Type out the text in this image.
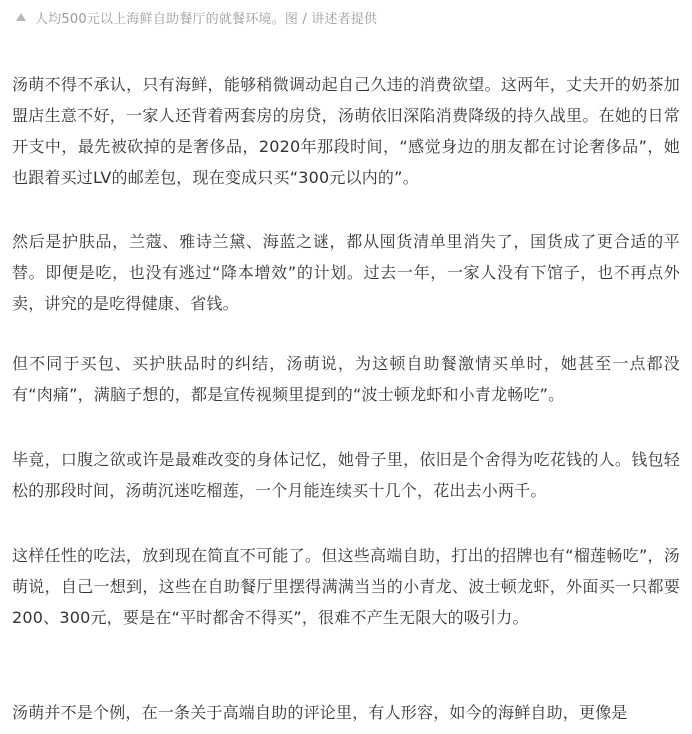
人均500元以上海鲜自助餐厅的就餐环境。图 / 讲述者提供

汤萌不得不承认，只有海鲜，能够稍微调动起自己久违的消费欲望。这两年，丈夫开的奶茶加盟店生意不好，一家人还背着两套房的房贷，汤萌依旧深陷消费降级的持久战里。在她的日常开支中，最先被砍掉的是奢侈品，2020年那段时间，“感觉身边的朋友都在讨论奢侈品”，她也跟着买过LV的邮差包，现在变成只买“300元以内的”。

然后是护肤品，兰蔻、雅诗兰黛、海蓝之谜，都从囤货清单里消失了，国货成了更合适的平替。即便是吃，也没有逃过“降本增效”的计划。过去一年，一家人没有下馆子，也不再点外卖，讲究的是吃得健康、省钱。

但不同于买包、买护肤品时的纠结，汤萌说，为这顿自助餐激情买单时，她甚至一点都没有“肉痛”，满脑子想的，都是宣传视频里提到的“波士顿龙虾和小青龙畅吃”。

毕竟，口腹之欲或许是最难改变的身体记忆，她骨子里，依旧是个舍得为吃花钱的人。钱包轻松的那段时间，汤萌沉迷吃榴莲，一个月能连续买十几个，花出去小两千。

这样任性的吃法，放到现在简直不可能了。但这些高端自助，打出的招牌也有“榴莲畅吃”，汤萌说，自己一想到，这些在自助餐厅里摆得满满当当的小青龙、波士顿龙虾，外面买一只都要200、300元，要是在“平时都舍不得买”，很难不产生无限大的吸引力。

汤萌并不是个例，在一条关于高端自助的评论里，有人形容，如今的海鲜自助，更像是
